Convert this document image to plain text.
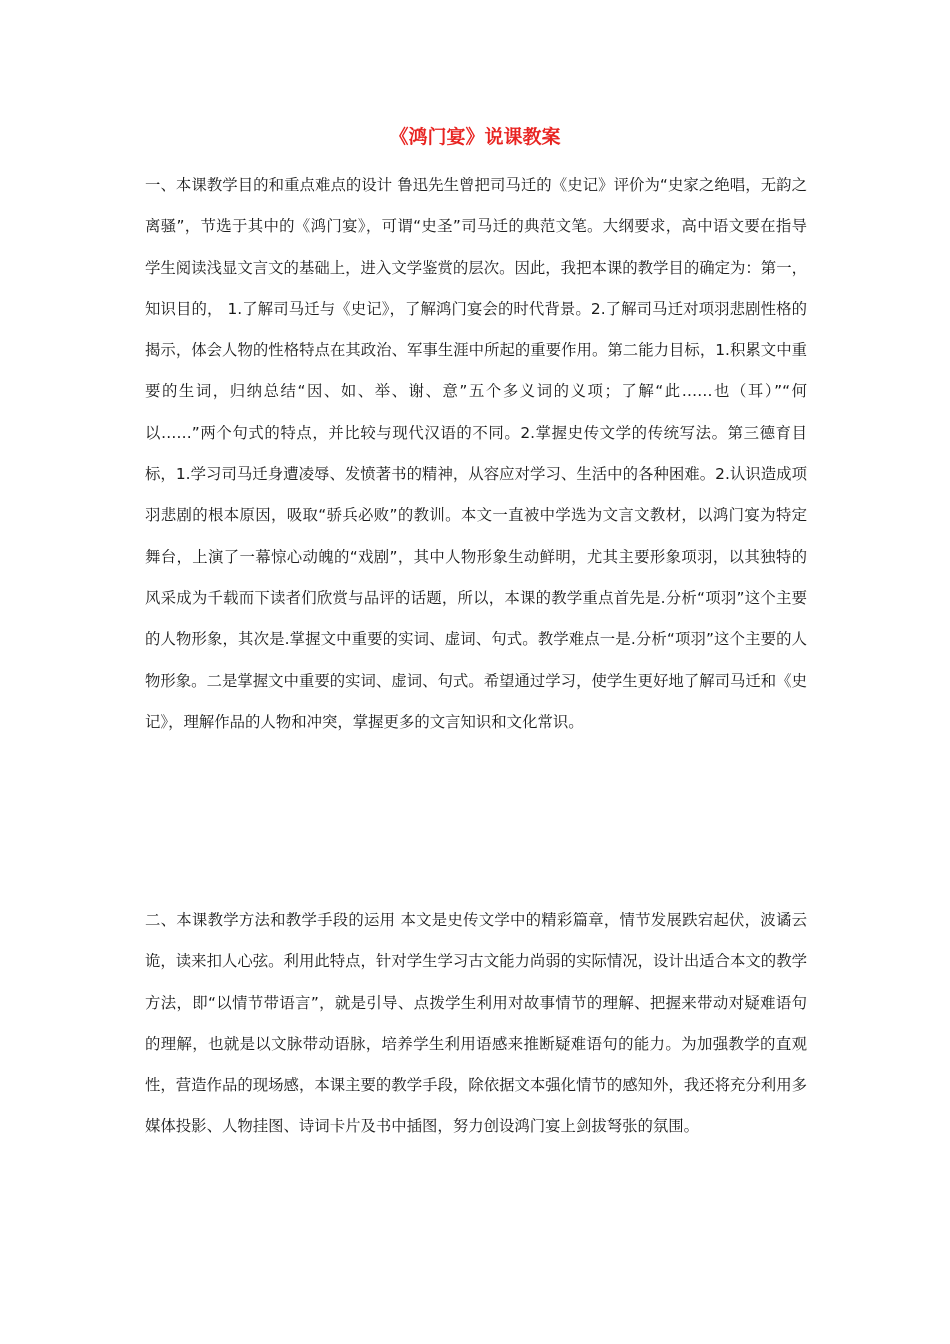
《鸿门宴》说课教案

一、本课教学目的和重点难点的设计 鲁迅先生曾把司马迁的《史记》评价为“史家之绝唱，无韵之离骚”，节选于其中的《鸿门宴》，可谓“史圣”司马迁的典范文笔。大纲要求，高中语文要在指导学生阅读浅显文言文的基础上，进入文学鉴赏的层次。因此，我把本课的教学目的确定为：第一，知识目的， 1.了解司马迁与《史记》，了解鸿门宴会的时代背景。2.了解司马迁对项羽悲剧性格的揭示，体会人物的性格特点在其政治、军事生涯中所起的重要作用。第二能力目标，1.积累文中重要的生词，归纳总结“因、如、举、谢、意”五个多义词的义项；了解“此……也（耳）”“何以……”两个句式的特点，并比较与现代汉语的不同。2.掌握史传文学的传统写法。第三德育目标，1.学习司马迁身遭凌辱、发愤著书的精神，从容应对学习、生活中的各种困难。2.认识造成项羽悲剧的根本原因，吸取“骄兵必败”的教训。本文一直被中学选为文言文教材，以鸿门宴为特定舞台，上演了一幕惊心动魄的“戏剧”，其中人物形象生动鲜明，尤其主要形象项羽，以其独特的风采成为千载而下读者们欣赏与品评的话题，所以，本课的教学重点首先是.分析“项羽”这个主要的人物形象，其次是.掌握文中重要的实词、虚词、句式。教学难点一是.分析“项羽”这个主要的人物形象。二是掌握文中重要的实词、虚词、句式。希望通过学习，使学生更好地了解司马迁和《史记》，理解作品的人物和冲突，掌握更多的文言知识和文化常识。

二、本课教学方法和教学手段的运用 本文是史传文学中的精彩篇章，情节发展跌宕起伏，波谲云诡，读来扣人心弦。利用此特点，针对学生学习古文能力尚弱的实际情况，设计出适合本文的教学方法，即“以情节带语言”，就是引导、点拨学生利用对故事情节的理解、把握来带动对疑难语句的理解，也就是以文脉带动语脉，培养学生利用语感来推断疑难语句的能力。为加强教学的直观性，营造作品的现场感，本课主要的教学手段，除依据文本强化情节的感知外，我还将充分利用多媒体投影、人物挂图、诗词卡片及书中插图，努力创设鸿门宴上剑拔弩张的氛围。
